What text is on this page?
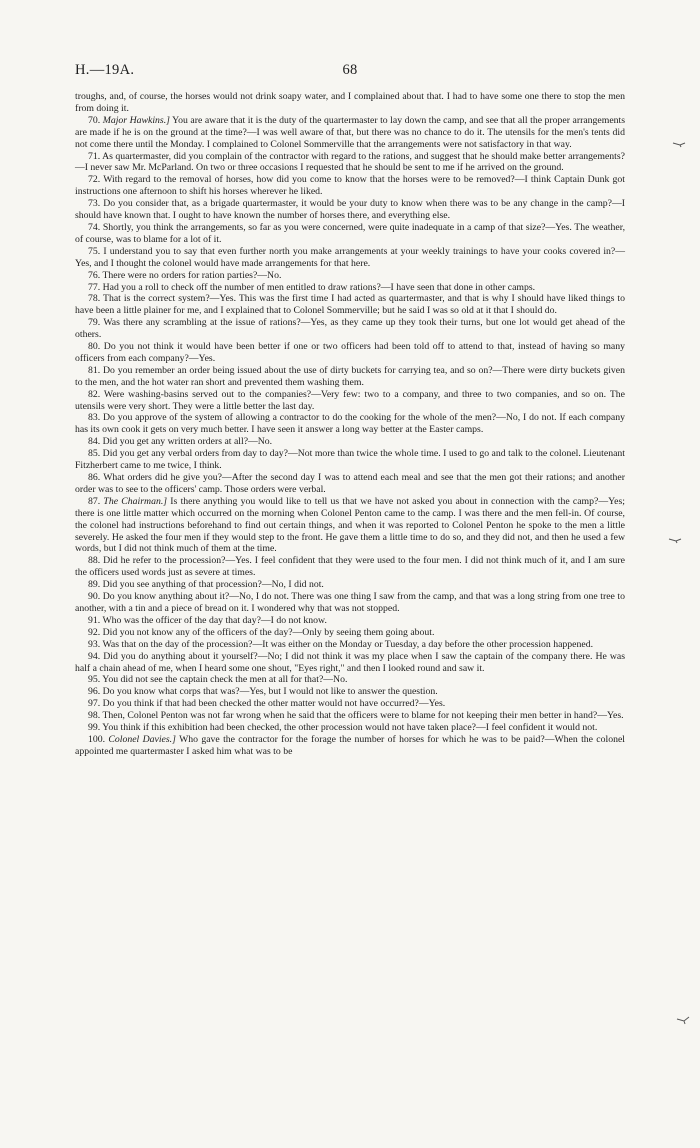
H.—19A.	68

troughs, and, of course, the horses would not drink soapy water, and I complained about that. I had to have some one there to stop the men from doing it.

70. Major Hawkins.] You are aware that it is the duty of the quartermaster to lay down the camp, and see that all the proper arrangements are made if he is on the ground at the time?—I was well aware of that, but there was no chance to do it. The utensils for the men's tents did not come there until the Monday. I complained to Colonel Sommerville that the arrangements were not satisfactory in that way.

71. As quartermaster, did you complain of the contractor with regard to the rations, and suggest that he should make better arrangements?—I never saw Mr. McParland. On two or three occasions I requested that he should be sent to me if he arrived on the ground.

72. With regard to the removal of horses, how did you come to know that the horses were to be removed?—I think Captain Dunk got instructions one afternoon to shift his horses wherever he liked.

73. Do you consider that, as a brigade quartermaster, it would be your duty to know when there was to be any change in the camp?—I should have known that. I ought to have known the number of horses there, and everything else.

74. Shortly, you think the arrangements, so far as you were concerned, were quite inadequate in a camp of that size?—Yes. The weather, of course, was to blame for a lot of it.

75. I understand you to say that even further north you make arrangements at your weekly trainings to have your cooks covered in?—Yes, and I thought the colonel would have made arrangements for that here.

76. There were no orders for ration parties?—No.

77. Had you a roll to check off the number of men entitled to draw rations?—I have seen that done in other camps.

78. That is the correct system?—Yes. This was the first time I had acted as quartermaster, and that is why I should have liked things to have been a little plainer for me, and I explained that to Colonel Sommerville; but he said I was so old at it that I should do.

79. Was there any scrambling at the issue of rations?—Yes, as they came up they took their turns, but one lot would get ahead of the others.

80. Do you not think it would have been better if one or two officers had been told off to attend to that, instead of having so many officers from each company?—Yes.

81. Do you remember an order being issued about the use of dirty buckets for carrying tea, and so on?—There were dirty buckets given to the men, and the hot water ran short and prevented them washing them.

82. Were washing-basins served out to the companies?—Very few: two to a company, and three to two companies, and so on. The utensils were very short. They were a little better the last day.

83. Do you approve of the system of allowing a contractor to do the cooking for the whole of the men?—No, I do not. If each company has its own cook it gets on very much better. I have seen it answer a long way better at the Easter camps.

84. Did you get any written orders at all?—No.

85. Did you get any verbal orders from day to day?—Not more than twice the whole time. I used to go and talk to the colonel. Lieutenant Fitzherbert came to me twice, I think.

86. What orders did he give you?—After the second day I was to attend each meal and see that the men got their rations; and another order was to see to the officers' camp. Those orders were verbal.

87. The Chairman.] Is there anything you would like to tell us that we have not asked you about in connection with the camp?—Yes; there is one little matter which occurred on the morning when Colonel Penton came to the camp. I was there and the men fell-in. Of course, the colonel had instructions beforehand to find out certain things, and when it was reported to Colonel Penton he spoke to the men a little severely. He asked the four men if they would step to the front. He gave them a little time to do so, and they did not, and then he used a few words, but I did not think much of them at the time.

88. Did he refer to the procession?—Yes. I feel confident that they were used to the four men. I did not think much of it, and I am sure the officers used words just as severe at times.

89. Did you see anything of that procession?—No, I did not.

90. Do you know anything about it?—No, I do not. There was one thing I saw from the camp, and that was a long string from one tree to another, with a tin and a piece of bread on it. I wondered why that was not stopped.

91. Who was the officer of the day that day?—I do not know.

92. Did you not know any of the officers of the day?—Only by seeing them going about.

93. Was that on the day of the procession?—It was either on the Monday or Tuesday, a day before the other procession happened.

94. Did you do anything about it yourself?—No; I did not think it was my place when I saw the captain of the company there. He was half a chain ahead of me, when I heard some one shout, "Eyes right," and then I looked round and saw it.

95. You did not see the captain check the men at all for that?—No.

96. Do you know what corps that was?—Yes, but I would not like to answer the question.

97. Do you think if that had been checked the other matter would not have occurred?—Yes.

98. Then, Colonel Penton was not far wrong when he said that the officers were to blame for not keeping their men better in hand?—Yes.

99. You think if this exhibition had been checked, the other procession would not have taken place?—I feel confident it would not.

100. Colonel Davies.] Who gave the contractor for the forage the number of horses for which he was to be paid?—When the colonel appointed me quartermaster I asked him what was to be
